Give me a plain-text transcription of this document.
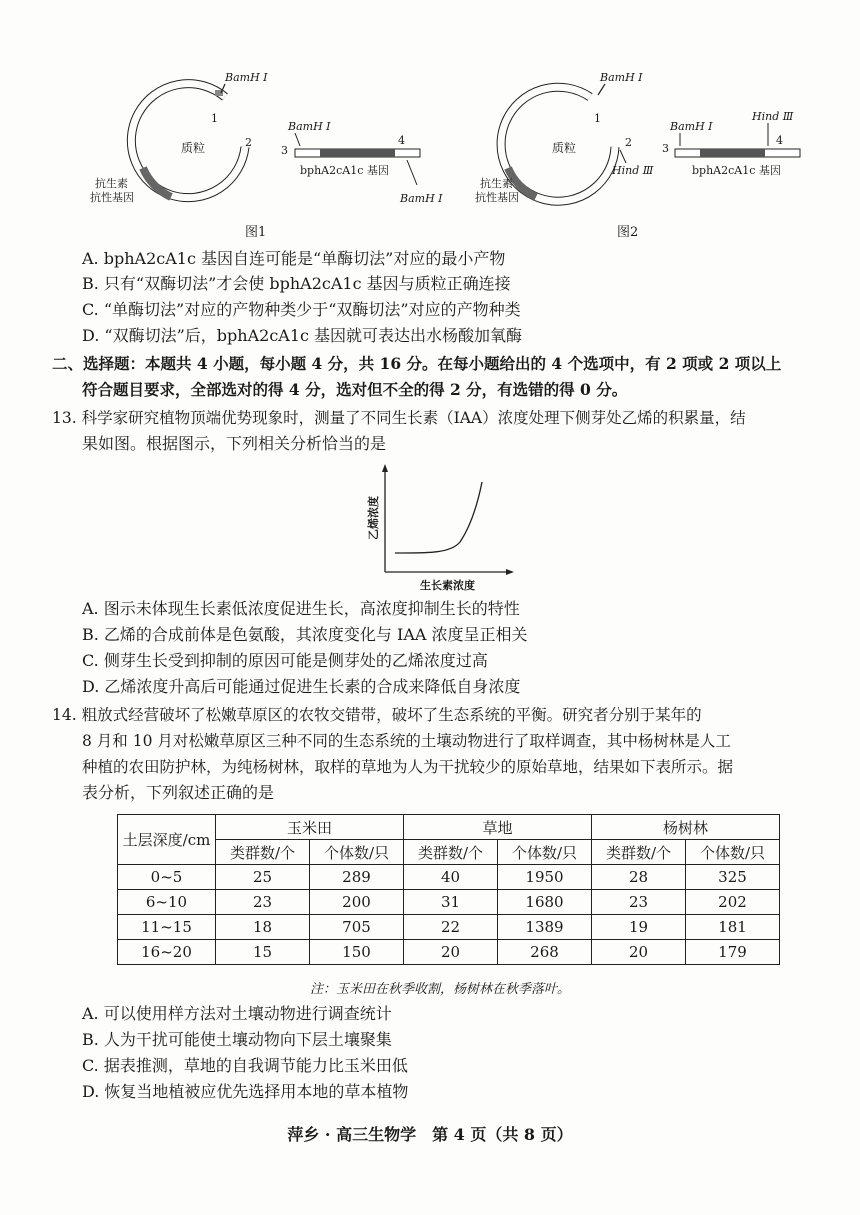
BamH Ⅰ
1
2
质粒
抗生素
抗性基因
BamH Ⅰ
3
4
bphA2cA1c 基因
BamH Ⅰ
图1
BamH Ⅰ
1
2
Hind Ⅲ
质粒
抗生素
抗性基因
BamH Ⅰ
Hind Ⅲ
3
4
bphA2cA1c 基因
图2
A. bphA2cA1c 基因自连可能是“单酶切法”对应的最小产物
B. 只有“双酶切法”才会使 bphA2cA1c 基因与质粒正确连接
C. “单酶切法”对应的产物种类少于“双酶切法”对应的产物种类
D. “双酶切法”后，bphA2cA1c 基因就可表达出水杨酸加氧酶
二、选择题：本题共 4 小题，每小题 4 分，共 16 分。在每小题给出的 4 个选项中，有 2 项或 2 项以上
符合题目要求，全部选对的得 4 分，选对但不全的得 2 分，有选错的得 0 分。
13. 科学家研究植物顶端优势现象时，测量了不同生长素（IAA）浓度处理下侧芽处乙烯的积累量，结
果如图。根据图示，下列相关分析恰当的是
乙烯浓度
生长素浓度
A. 图示未体现生长素低浓度促进生长，高浓度抑制生长的特性
B. 乙烯的合成前体是色氨酸，其浓度变化与 IAA 浓度呈正相关
C. 侧芽生长受到抑制的原因可能是侧芽处的乙烯浓度过高
D. 乙烯浓度升高后可能通过促进生长素的合成来降低自身浓度
14. 粗放式经营破坏了松嫩草原区的农牧交错带，破坏了生态系统的平衡。研究者分别于某年的
8 月和 10 月对松嫩草原区三种不同的生态系统的土壤动物进行了取样调查，其中杨树林是人工
种植的农田防护林，为纯杨树林，取样的草地为人为干扰较少的原始草地，结果如下表所示。据
表分析，下列叙述正确的是
土层深度/cm	玉米田		草地		杨树林	
	类群数/个	个体数/只	类群数/个	个体数/只	类群数/个	个体数/只
0~5	25	289	40	1950	28	325
6~10	23	200	31	1680	23	202
11~15	18	705	22	1389	19	181
16~20	15	150	20	268	20	179
注：玉米田在秋季收割，杨树林在秋季落叶。
A. 可以使用样方法对土壤动物进行调查统计
B. 人为干扰可能使土壤动物向下层土壤聚集
C. 据表推测，草地的自我调节能力比玉米田低
D. 恢复当地植被应优先选择用本地的草本植物
萍乡 · 高三生物学　第 4 页（共 8 页）
